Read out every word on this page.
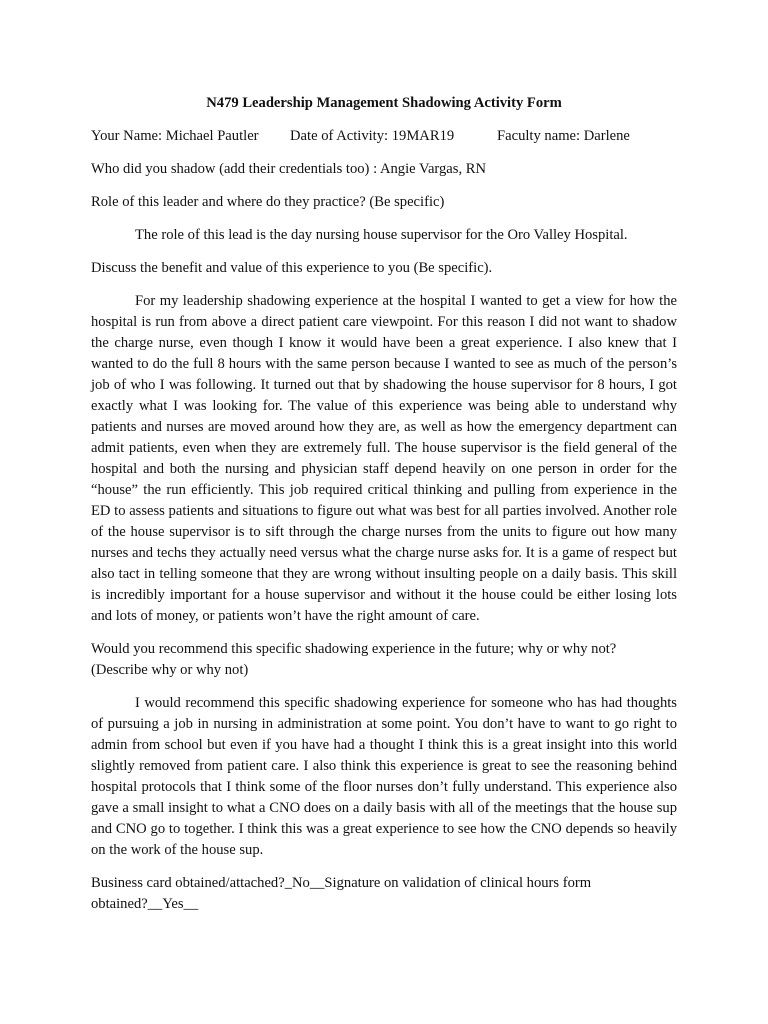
N479 Leadership Management Shadowing Activity Form
Your Name: Michael Pautler	Date of Activity: 19MAR19	Faculty name: Darlene

Who did you shadow (add their credentials too) : Angie Vargas, RN

Role of this leader and where do they practice? (Be specific)

The role of this lead is the day nursing house supervisor for the Oro Valley Hospital.

Discuss the benefit and value of this experience to you (Be specific).

For my leadership shadowing experience at the hospital I wanted to get a view for how the hospital is run from above a direct patient care viewpoint. For this reason I did not want to shadow the charge nurse, even though I know it would have been a great experience. I also knew that I wanted to do the full 8 hours with the same person because I wanted to see as much of the person’s job of who I was following. It turned out that by shadowing the house supervisor for 8 hours, I got exactly what I was looking for. The value of this experience was being able to understand why patients and nurses are moved around how they are, as well as how the emergency department can admit patients, even when they are extremely full. The house supervisor is the field general of the hospital and both the nursing and physician staff depend heavily on one person in order for the “house” the run efficiently. This job required critical thinking and pulling from experience in the ED to assess patients and situations to figure out what was best for all parties involved. Another role of the house supervisor is to sift through the charge nurses from the units to figure out how many nurses and techs they actually need versus what the charge nurse asks for. It is a game of respect but also tact in telling someone that they are wrong without insulting people on a daily basis. This skill is incredibly important for a house supervisor and without it the house could be either losing lots and lots of money, or patients won’t have the right amount of care.

Would you recommend this specific shadowing experience in the future; why or why not?
(Describe why or why not)

I would recommend this specific shadowing experience for someone who has had thoughts of pursuing a job in nursing in administration at some point. You don’t have to want to go right to admin from school but even if you have had a thought I think this is a great insight into this world slightly removed from patient care. I also think this experience is great to see the reasoning behind hospital protocols that I think some of the floor nurses don’t fully understand. This experience also gave a small insight to what a CNO does on a daily basis with all of the meetings that the house sup and CNO go to together. I think this was a great experience to see how the CNO depends so heavily on the work of the house sup.

Business card obtained/attached?_No__Signature on validation of clinical hours form
obtained?__Yes__
